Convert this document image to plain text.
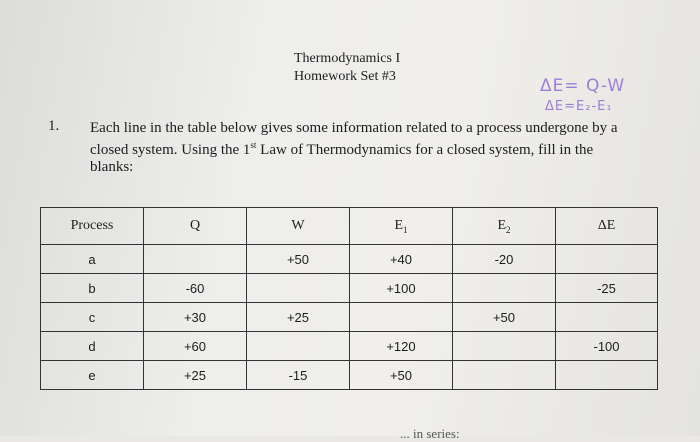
Thermodynamics I
Homework Set #3	ΔE= Q-W
ΔE=E₂-E₁
1. Each line in the table below gives some information related to a process undergone by a
closed system. Using the 1st Law of Thermodynamics for a closed system, fill in the
blanks:
Process	Q	W	$E_1$	$E_2$	ΔE
a		+50	+40	-20	
b	-60		+100		-25
c	+30	+25		+50	
d	+60		+120		-100
e	+25	-15	+50		
... in series:
